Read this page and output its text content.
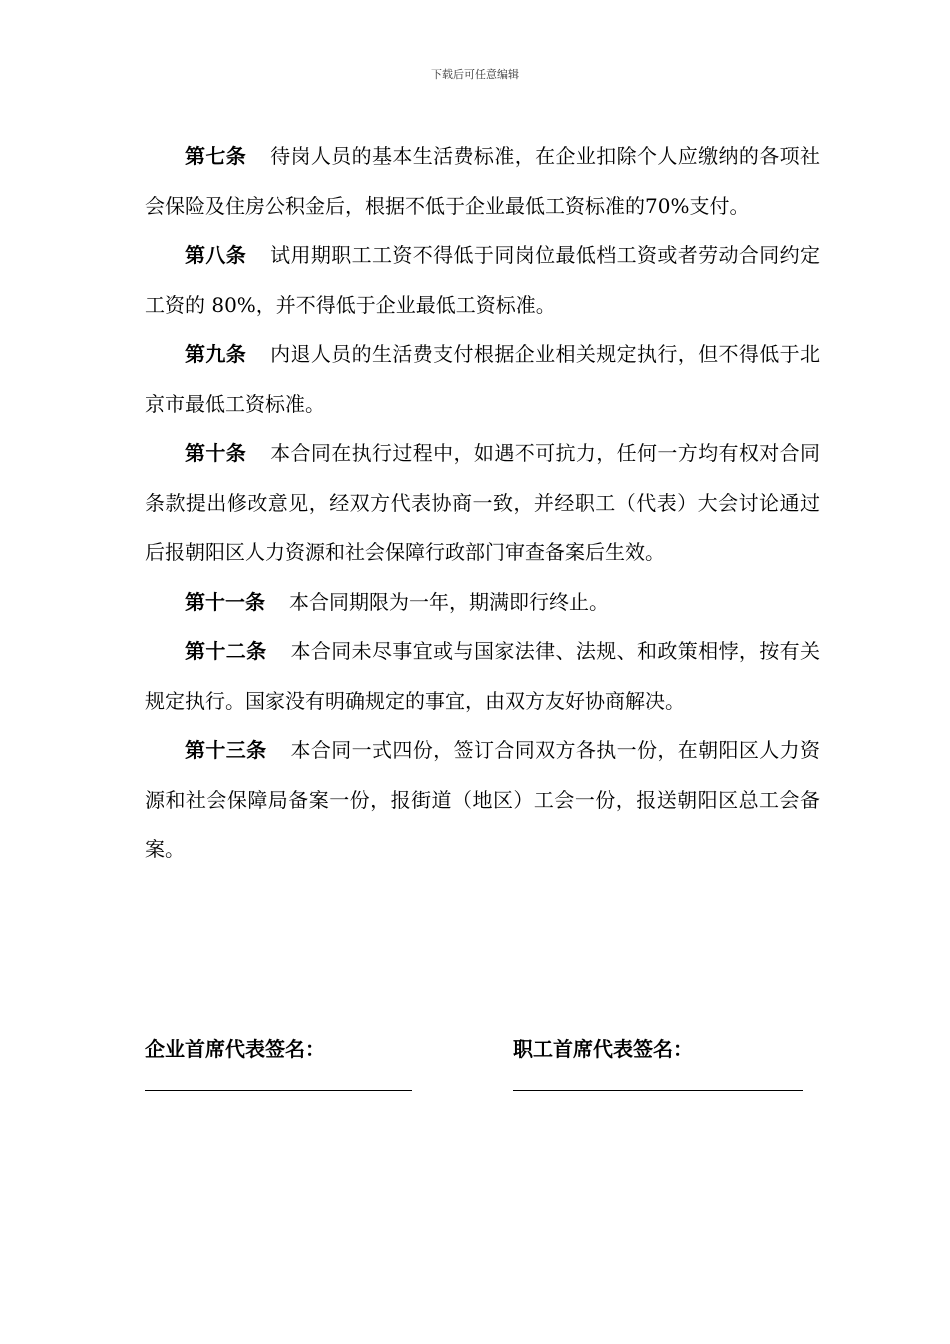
下载后可任意编辑

第七条 待岗人员的基本生活费标准，在企业扣除个人应缴纳的各项社会保险及住房公积金后，根据不低于企业最低工资标准的70%支付。

第八条 试用期职工工资不得低于同岗位最低档工资或者劳动合同约定工资的 80%，并不得低于企业最低工资标准。

第九条 内退人员的生活费支付根据企业相关规定执行，但不得低于北京市最低工资标准。

第十条 本合同在执行过程中，如遇不可抗力，任何一方均有权对合同条款提出修改意见，经双方代表协商一致，并经职工（代表）大会讨论通过后报朝阳区人力资源和社会保障行政部门审查备案后生效。

第十一条 本合同期限为一年，期满即行终止。

第十二条 本合同未尽事宜或与国家法律、法规、和政策相悖，按有关规定执行。国家没有明确规定的事宜，由双方友好协商解决。

第十三条 本合同一式四份，签订合同双方各执一份，在朝阳区人力资源和社会保障局备案一份，报街道（地区）工会一份，报送朝阳区总工会备案。

企业首席代表签名：	职工首席代表签名：
